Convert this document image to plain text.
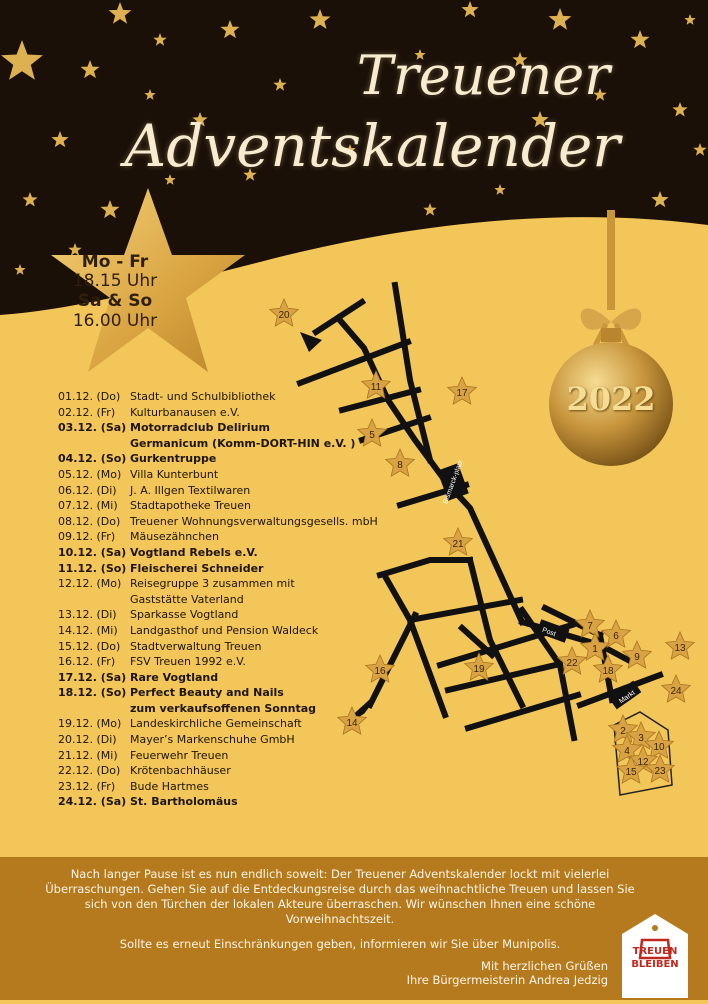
Treuener
Adventskalender
Mo - Fr
18.15 Uhr
Sa & So
16.00 Uhr
2022
Bismarck-platz
Post
Markt
20
11
17
5
8
21
7
6
1
22
9
13
18
16	19
24
14
2
3
4 10
12
15 23
01.12. (Do) Stadt- und Schulbibliothek
02.12. (Fr)	Kulturbanausen e.V.
03.12. (Sa) Motorradclub Delirium
Germanicum (Komm-DORT-HIN e.V. )
04.12. (So) Gurkentruppe
05.12. (Mo) Villa Kunterbunt
06.12. (Di)	J. A. Illgen Textilwaren
07.12. (Mi)	Stadtapotheke Treuen
08.12. (Do) Treuener Wohnungsverwaltungsgesells. mbH
09.12. (Fr)	Mäusezähnchen
10.12. (Sa) Vogtland Rebels e.V.
11.12. (So) Fleischerei Schneider
12.12. (Mo) Reisegruppe 3 zusammen mit
Gaststätte Vaterland
13.12. (Di)	Sparkasse Vogtland
14.12. (Mi)	Landgasthof und Pension Waldeck
15.12. (Do) Stadtverwaltung Treuen
16.12. (Fr)	FSV Treuen 1992 e.V.
17.12. (Sa) Rare Vogtland
18.12. (So) Perfect Beauty and Nails
zum verkaufsoffenen Sonntag
19.12. (Mo) Landeskirchliche Gemeinschaft
20.12. (Di)	Mayer’s Markenschuhe GmbH
21.12. (Mi)	Feuerwehr Treuen
22.12. (Do) Krötenbachhäuser
23.12. (Fr)	Bude Hartmes
24.12. (Sa) St. Bartholomäus

Nach langer Pause ist es nun endlich soweit: Der Treuener Adventskalender lockt mit vielerlei Überraschungen. Gehen Sie auf die Entdeckungsreise durch das weihnachtliche Treuen und lassen Sie sich von den Türchen der lokalen Akteure überraschen. Wir wünschen Ihnen eine schöne Vorweihnachtszeit.

Sollte es erneut Einschränkungen geben, informieren wir Sie über Munipolis.

Mit herzlichen Grüßen
Ihre Bürgermeisterin Andrea Jedzig
TREUEN
BLEIBEN
